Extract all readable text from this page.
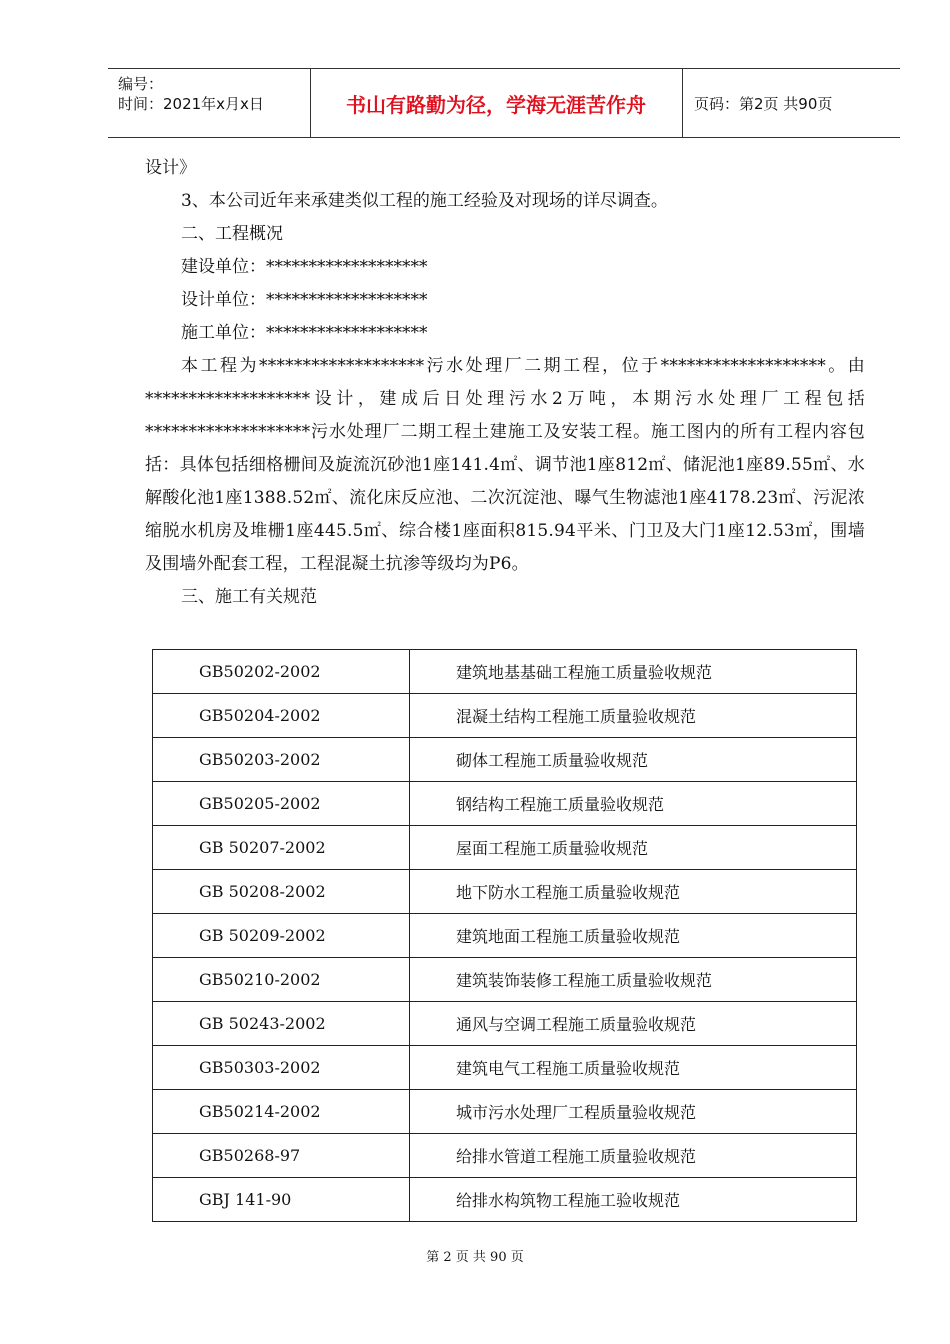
编号：
时间：2021年x月x日	书山有路勤为径，学海无涯苦作舟	页码：第2页 共90页

设计》

3、本公司近年来承建类似工程的施工经验及对现场的详尽调查。

二、工程概况

建设单位：*******************

设计单位：*******************

施工单位：*******************

本工程为*******************污水处理厂二期工程，位于*******************。由*******************设计，建成后日处理污水2万吨，本期污水处理厂工程包括*******************污水处理厂二期工程土建施工及安装工程。施工图内的所有工程内容包括：具体包括细格栅间及旋流沉砂池1座141.4㎡、调节池1座812㎡、储泥池1座89.55㎡、水解酸化池1座1388.52㎡、流化床反应池、二次沉淀池、曝气生物滤池1座4178.23㎡、污泥浓缩脱水机房及堆栅1座445.5㎡、综合楼1座面积815.94平米、门卫及大门1座12.53㎡，围墙及围墙外配套工程，工程混凝土抗渗等级均为P6。

三、施工有关规范

GB50202-2002	建筑地基基础工程施工质量验收规范
GB50204-2002	混凝土结构工程施工质量验收规范
GB50203-2002	砌体工程施工质量验收规范
GB50205-2002	钢结构工程施工质量验收规范
GB 50207-2002	屋面工程施工质量验收规范
GB 50208-2002	地下防水工程施工质量验收规范
GB 50209-2002	建筑地面工程施工质量验收规范
GB50210-2002	建筑装饰装修工程施工质量验收规范
GB 50243-2002	通风与空调工程施工质量验收规范
GB50303-2002	建筑电气工程施工质量验收规范
GB50214-2002	城市污水处理厂工程质量验收规范
GB50268-97	给排水管道工程施工质量验收规范
GBJ 141-90	给排水构筑物工程施工验收规范
第 2 页 共 90 页
